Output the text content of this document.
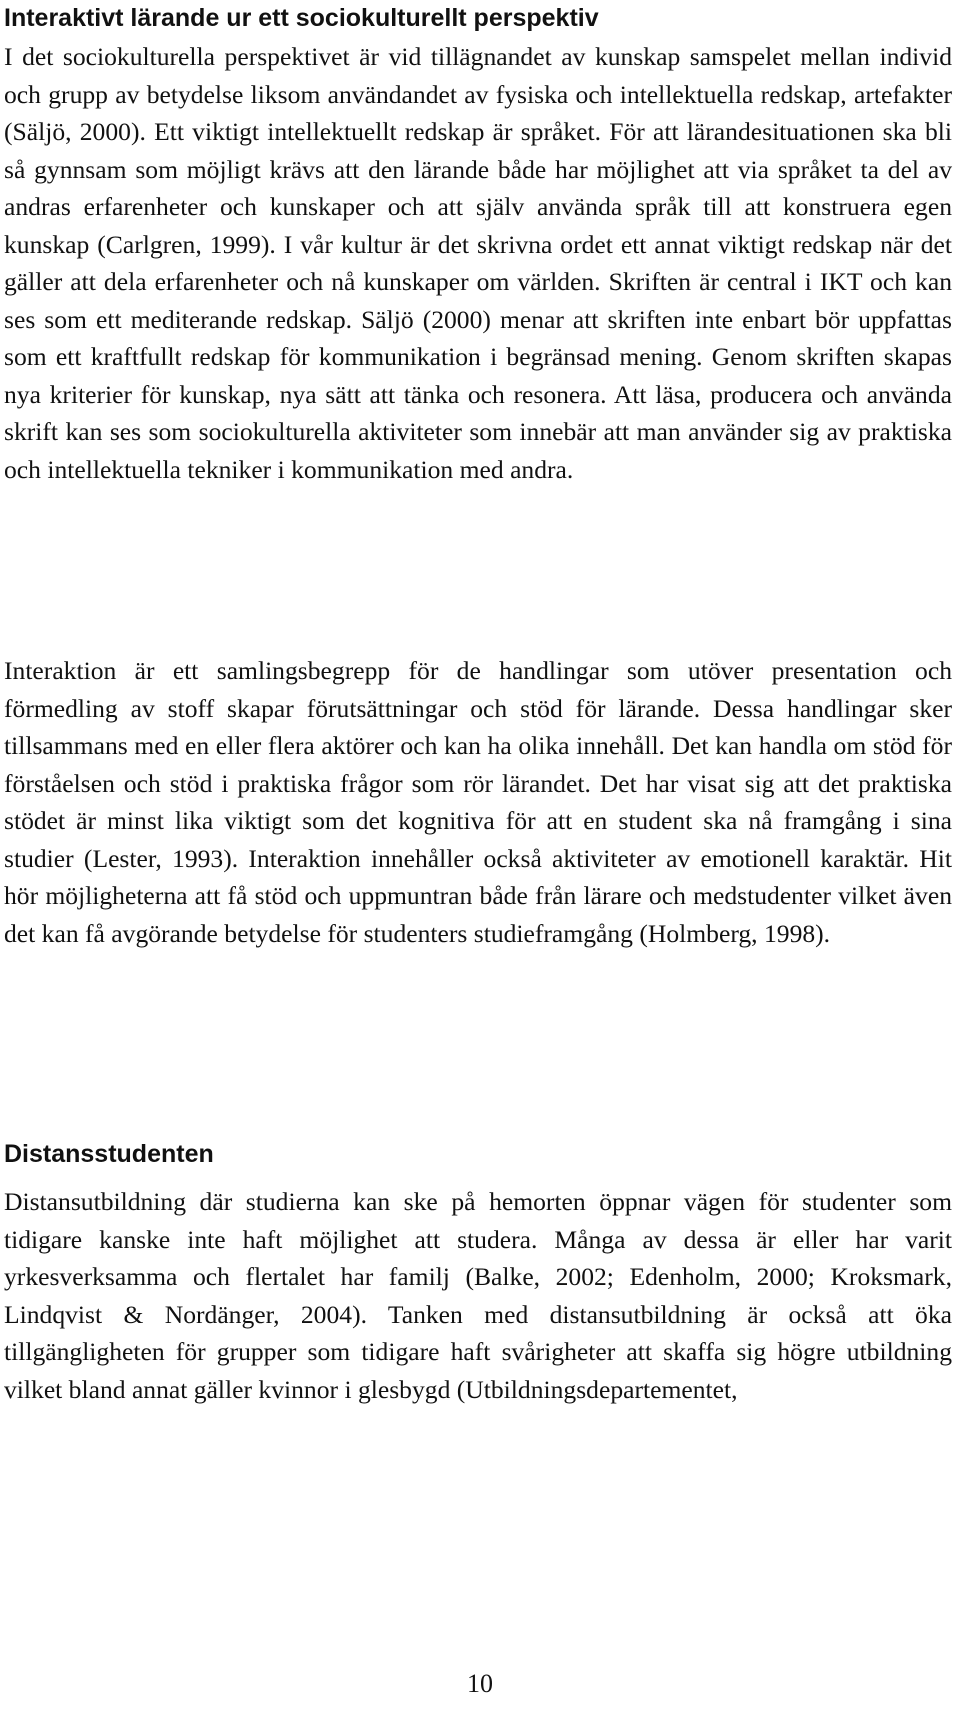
Interaktivt lärande ur ett sociokulturellt perspektiv

I det sociokulturella perspektivet är vid tillägnandet av kunskap samspelet mellan individ och grupp av betydelse liksom användandet av fysiska och intellektuella redskap, artefakter (Säljö, 2000). Ett viktigt intellektuellt redskap är språket. För att lärandesituationen ska bli så gynnsam som möjligt krävs att den lärande både har möjlighet att via språket ta del av andras erfarenheter och kunskaper och att själv använda språk till att konstruera egen kunskap (Carlgren, 1999). I vår kultur är det skrivna ordet ett annat viktigt redskap när det gäller att dela erfarenheter och nå kunskaper om världen. Skriften är central i IKT och kan ses som ett mediterande redskap. Säljö (2000) menar att skriften inte enbart bör uppfattas som ett kraftfullt redskap för kommunikation i begränsad mening. Genom skriften skapas nya kriterier för kunskap, nya sätt att tänka och resonera. Att läsa, producera och använda skrift kan ses som sociokulturella aktiviteter som innebär att man använder sig av praktiska och intellektuella tekniker i kommunikation med andra.

Interaktion är ett samlingsbegrepp för de handlingar som utöver presentation och förmedling av stoff skapar förutsättningar och stöd för lärande. Dessa handlingar sker tillsammans med en eller flera aktörer och kan ha olika innehåll. Det kan handla om stöd för förståelsen och stöd i praktiska frågor som rör lärandet. Det har visat sig att det praktiska stödet är minst lika viktigt som det kognitiva för att en student ska nå framgång i sina studier (Lester, 1993). Interaktion innehåller också aktiviteter av emotionell karaktär. Hit hör möjligheterna att få stöd och uppmuntran både från lärare och medstudenter vilket även det kan få avgörande betydelse för studenters studieframgång (Holmberg, 1998).

Distansstudenten

Distansutbildning där studierna kan ske på hemorten öppnar vägen för studenter som tidigare kanske inte haft möjlighet att studera. Många av dessa är eller har varit yrkesverksamma och flertalet har familj (Balke, 2002; Edenholm, 2000; Kroksmark, Lindqvist & Nordänger, 2004). Tanken med distansutbildning är också att öka tillgängligheten för grupper som tidigare haft svårigheter att skaffa sig högre utbildning vilket bland annat gäller kvinnor i glesbygd (Utbildningsdepartementet,

10
